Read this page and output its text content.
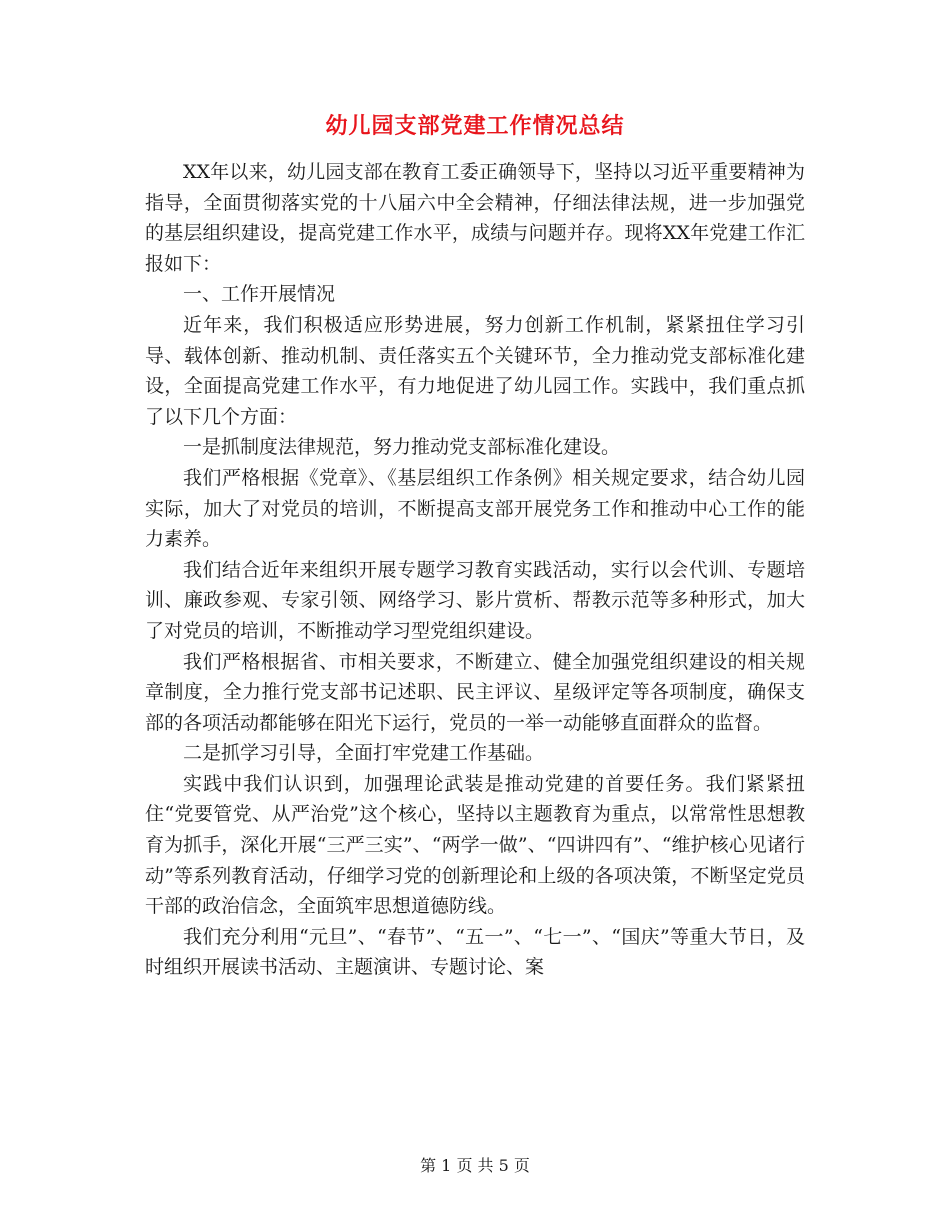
幼儿园支部党建工作情况总结

XX年以来，幼儿园支部在教育工委正确领导下，坚持以习近平重要精神为指导，全面贯彻落实党的十八届六中全会精神，仔细法律法规，进一步加强党的基层组织建设，提高党建工作水平，成绩与问题并存。现将XX年党建工作汇报如下：

一、工作开展情况

近年来，我们积极适应形势进展，努力创新工作机制，紧紧扭住学习引导、载体创新、推动机制、责任落实五个关键环节，全力推动党支部标准化建设，全面提高党建工作水平，有力地促进了幼儿园工作。实践中，我们重点抓了以下几个方面：

一是抓制度法律规范，努力推动党支部标准化建设。

我们严格根据《党章》、《基层组织工作条例》相关规定要求，结合幼儿园实际，加大了对党员的培训，不断提高支部开展党务工作和推动中心工作的能力素养。

我们结合近年来组织开展专题学习教育实践活动，实行以会代训、专题培训、廉政参观、专家引领、网络学习、影片赏析、帮教示范等多种形式，加大了对党员的培训，不断推动学习型党组织建设。

我们严格根据省、市相关要求，不断建立、健全加强党组织建设的相关规章制度，全力推行党支部书记述职、民主评议、星级评定等各项制度，确保支部的各项活动都能够在阳光下运行，党员的一举一动能够直面群众的监督。

二是抓学习引导，全面打牢党建工作基础。

实践中我们认识到，加强理论武装是推动党建的首要任务。我们紧紧扭住“党要管党、从严治党”这个核心，坚持以主题教育为重点，以常常性思想教育为抓手，深化开展“三严三实”、“两学一做”、“四讲四有”、“维护核心见诸行动”等系列教育活动，仔细学习党的创新理论和上级的各项决策，不断坚定党员干部的政治信念，全面筑牢思想道德防线。

我们充分利用“元旦”、“春节”、“五一”、“七一”、“国庆”等重大节日，及时组织开展读书活动、主题演讲、专题讨论、案

第 1 页 共 5 页
